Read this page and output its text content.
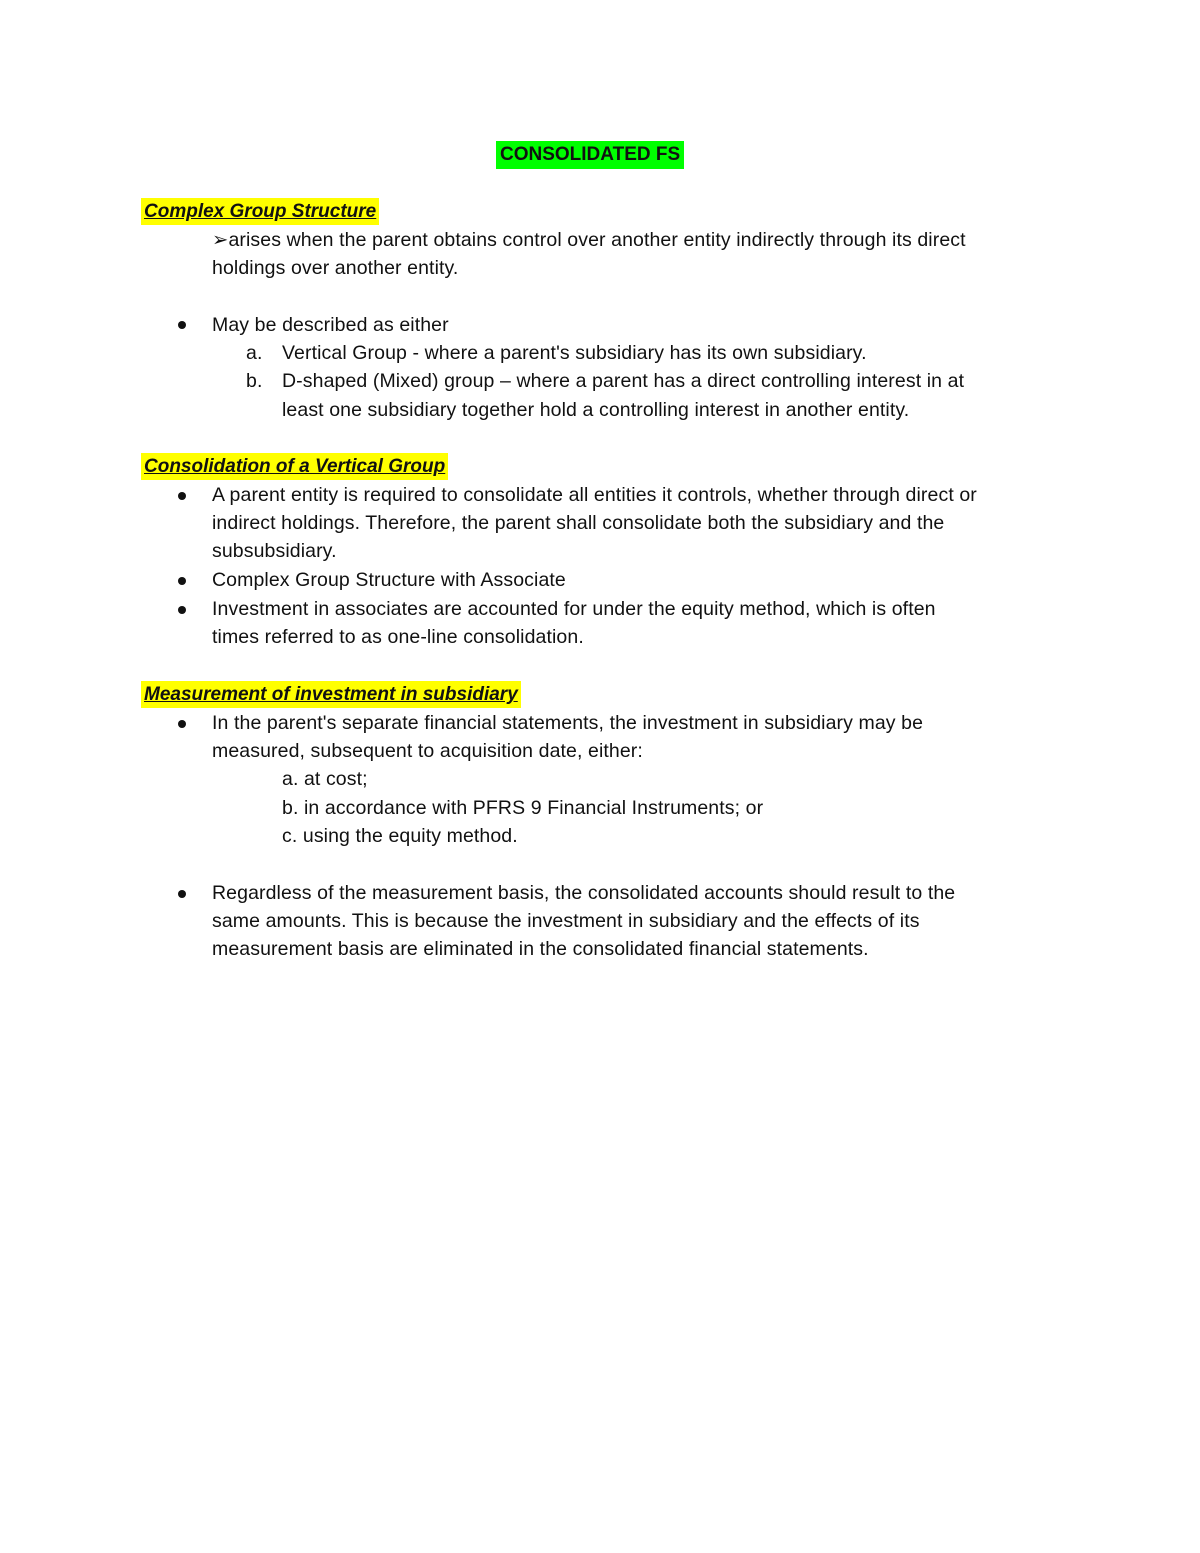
CONSOLIDATED FS
Complex Group Structure
➢arises when the parent obtains control over another entity indirectly through its direct
holdings over another entity.
May be described as either
a. Vertical Group - where a parent's subsidiary has its own subsidiary.
b. D-shaped (Mixed) group – where a parent has a direct controlling interest in at
least one subsidiary together hold a controlling interest in another entity.
Consolidation of a Vertical Group
A parent entity is required to consolidate all entities it controls, whether through direct or
indirect holdings. Therefore, the parent shall consolidate both the subsidiary and the
subsubsidiary.
Complex Group Structure with Associate
Investment in associates are accounted for under the equity method, which is often
times referred to as one-line consolidation.
Measurement of investment in subsidiary
In the parent's separate financial statements, the investment in subsidiary may be
measured, subsequent to acquisition date, either:
a. at cost;
b. in accordance with PFRS 9 Financial Instruments; or
c. using the equity method.
Regardless of the measurement basis, the consolidated accounts should result to the
same amounts. This is because the investment in subsidiary and the effects of its
measurement basis are eliminated in the consolidated financial statements.
